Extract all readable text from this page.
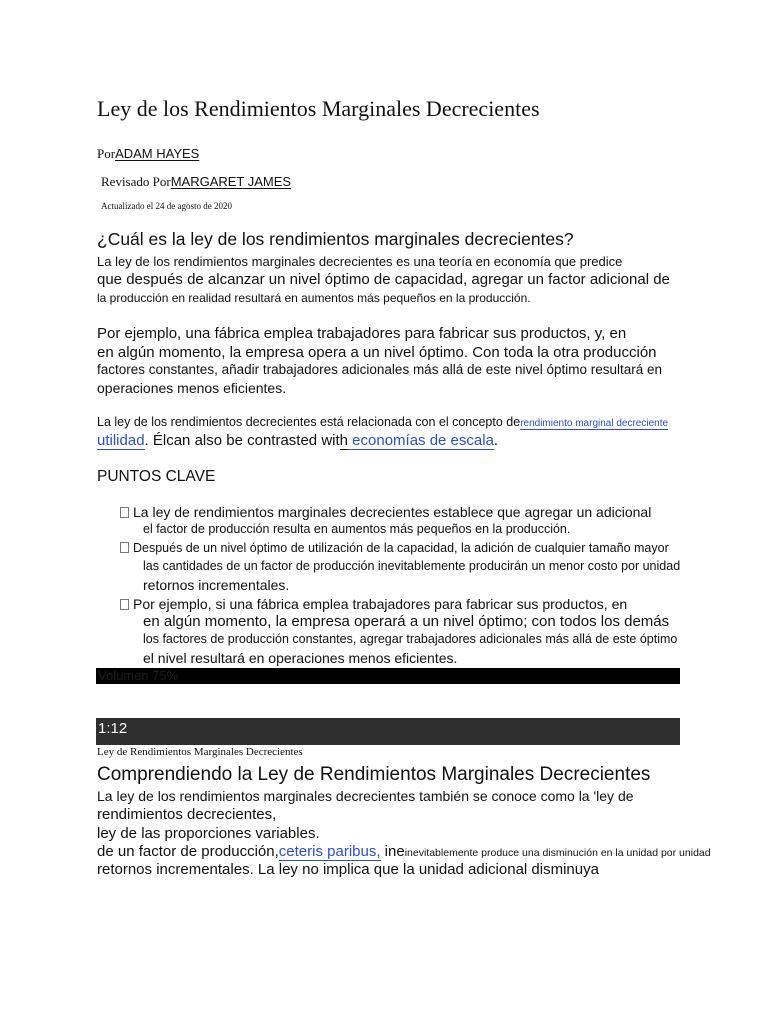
Ley de los Rendimientos Marginales Decrecientes
PorADAM HAYES
Revisado PorMARGARET JAMES
Actualizado el 24 de agosto de 2020
¿Cuál es la ley de los rendimientos marginales decrecientes?
La ley de los rendimientos marginales decrecientes es una teoría en economía que predice
que después de alcanzar un nivel óptimo de capacidad, agregar un factor adicional de
la producción en realidad resultará en aumentos más pequeños en la producción.
Por ejemplo, una fábrica emplea trabajadores para fabricar sus productos, y, en
en algún momento, la empresa opera a un nivel óptimo. Con toda la otra producción
factores constantes, añadir trabajadores adicionales más allá de este nivel óptimo resultará en
operaciones menos eficientes.
La ley de los rendimientos decrecientes está relacionada con el concepto derendimiento marginal decreciente
utilidad. Élcan also be contrasted with economías de escala.
PUNTOS CLAVE
La ley de rendimientos marginales decrecientes establece que agregar un adicional
el factor de producción resulta en aumentos más pequeños en la producción.
Después de un nivel óptimo de utilización de la capacidad, la adición de cualquier tamaño mayor
las cantidades de un factor de producción inevitablemente producirán un menor costo por unidad
retornos incrementales.
Por ejemplo, si una fábrica emplea trabajadores para fabricar sus productos, en
en algún momento, la empresa operará a un nivel óptimo; con todos los demás
los factores de producción constantes, agregar trabajadores adicionales más allá de este óptimo
el nivel resultará en operaciones menos eficientes.
Volumen 75%
1:12
Ley de Rendimientos Marginales Decrecientes
Comprendiendo la Ley de Rendimientos Marginales Decrecientes
La ley de los rendimientos marginales decrecientes también se conoce como la 'ley de
rendimientos decrecientes,
ley de las proporciones variables.
de un factor de producción,ceteris paribus, ineinevitablemente produce una disminución en la unidad por unidad
retornos incrementales. La ley no implica que la unidad adicional disminuya
